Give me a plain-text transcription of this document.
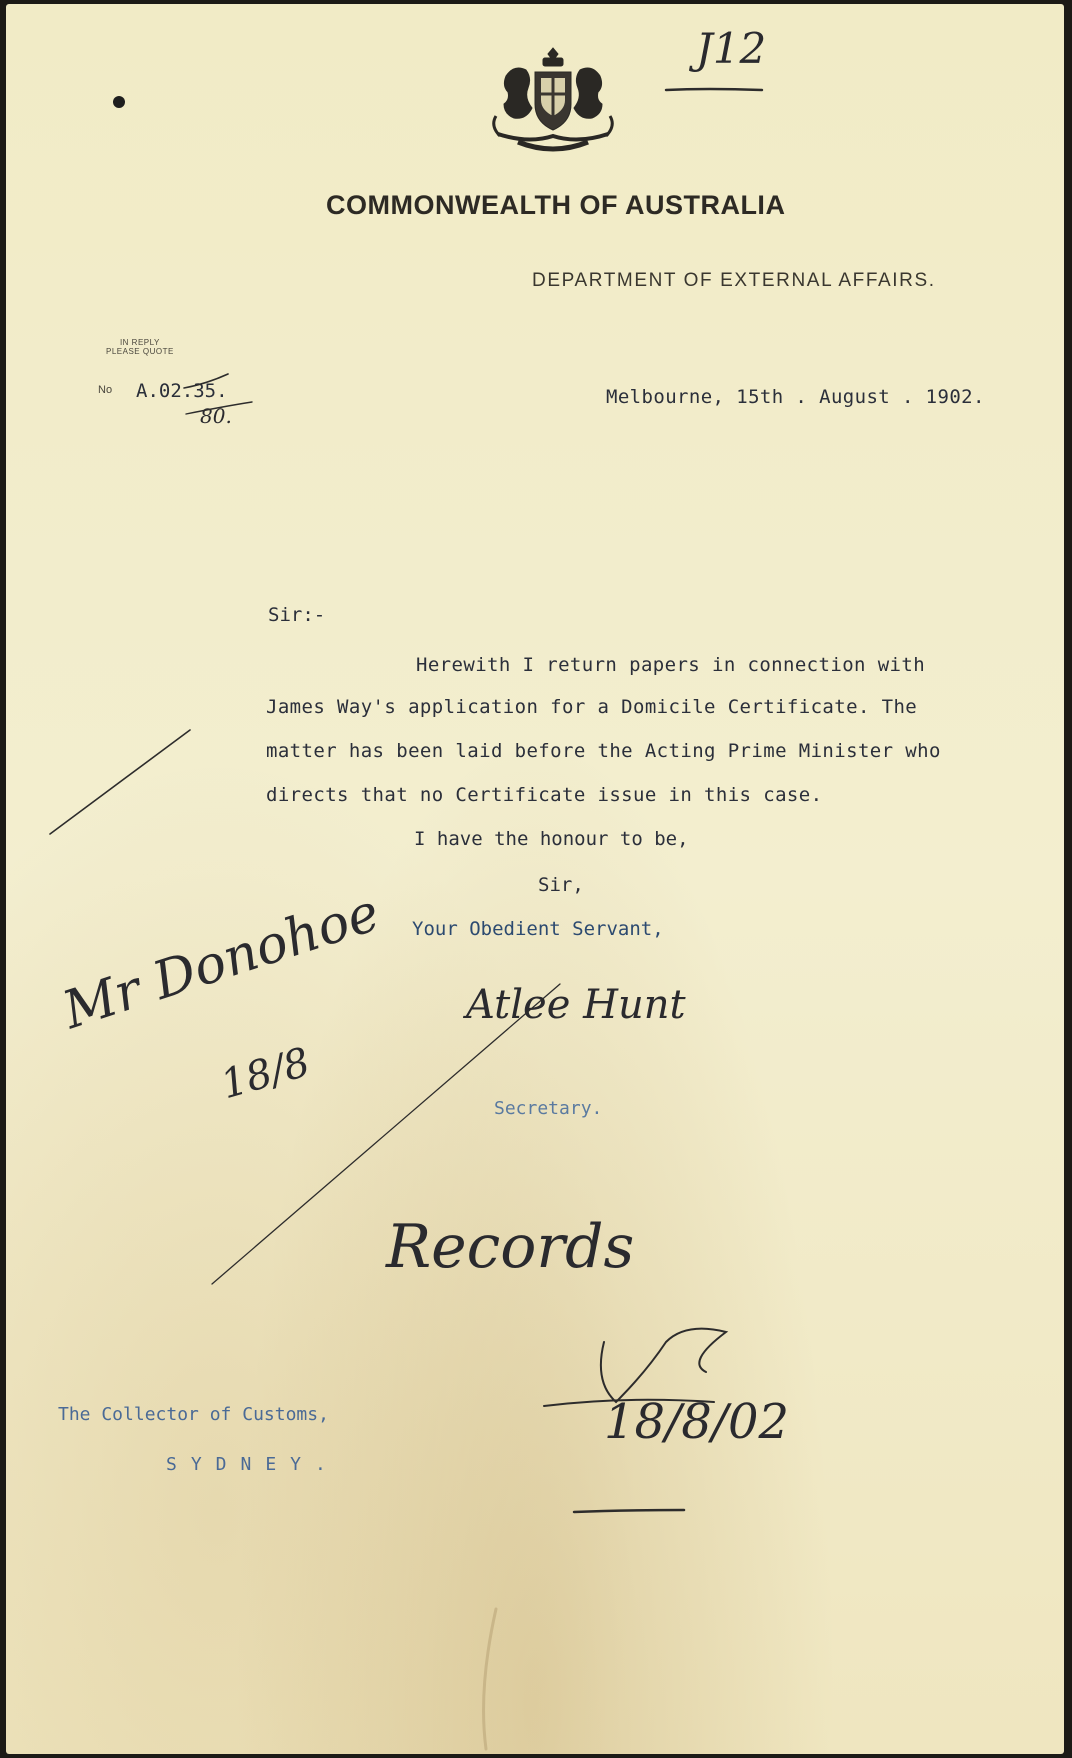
J12
COMMONWEALTH OF AUSTRALIA
DEPARTMENT OF EXTERNAL AFFAIRS.
IN REPLY
PLEASE QUOTE
No A.02.35.
80.
Melbourne, 15th . August . 1902.
Sir:-
Herewith I return papers in connection with
James Way's application for a Domicile Certificate. The
matter has been laid before the Acting Prime Minister who
directs that no Certificate issue in this case.
I have the honour to be,
Sir,
Your Obedient Servant,
Atlee Hunt
Secretary.
Mr Donohoe
18/8
Records
18/8/02
The Collector of Customs,
SYDNEY.
